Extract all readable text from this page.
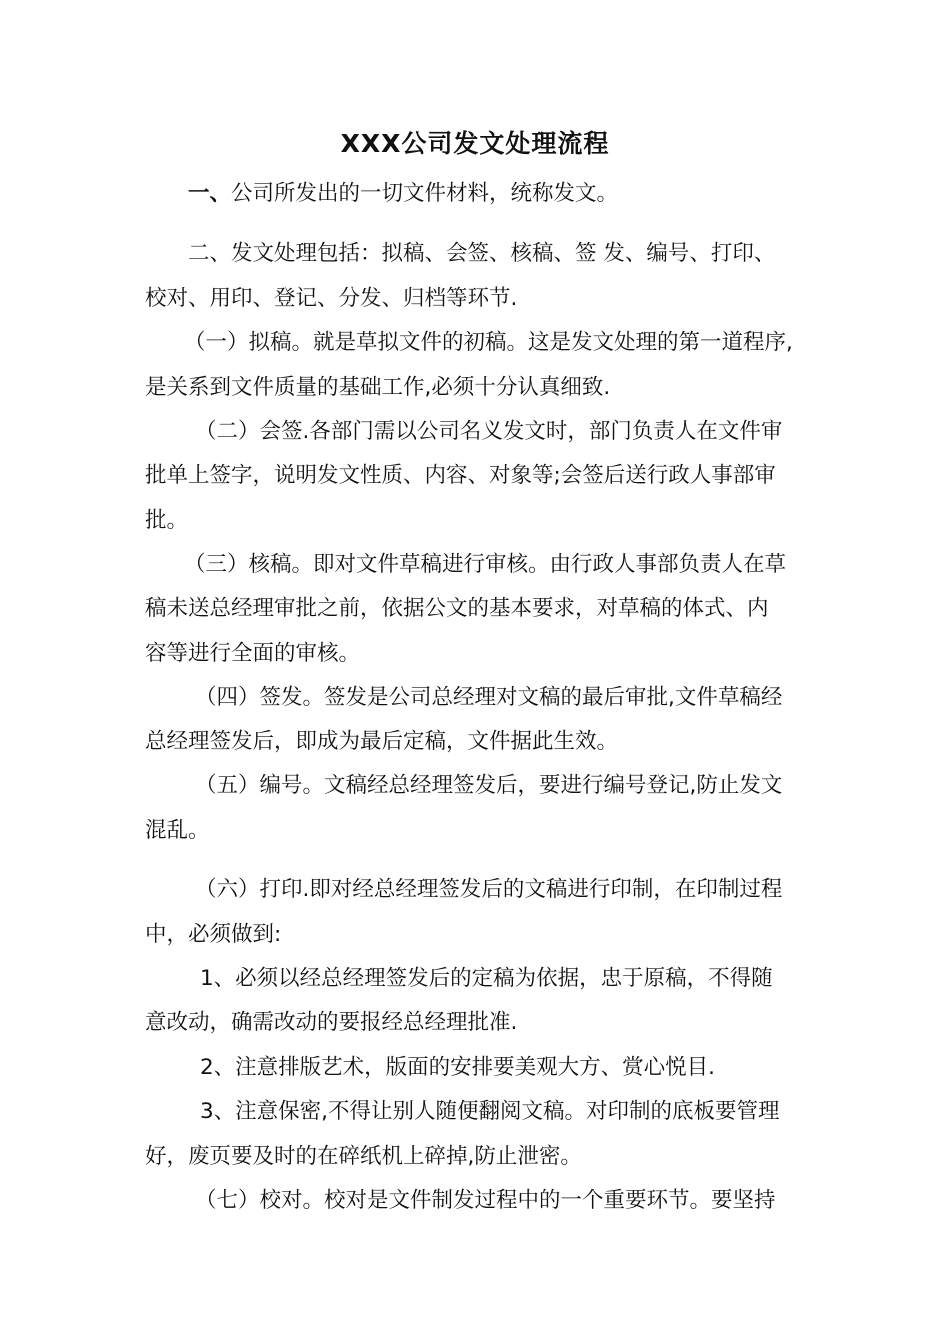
XXX公司发文处理流程
一、公司所发出的一切文件材料，统称发文。
二、发文处理包括：拟稿、会签、核稿、签 发、编号、打印、
校对、用印、登记、分发、归档等环节.
（一）拟稿。就是草拟文件的初稿。这是发文处理的第一道程序,
是关系到文件质量的基础工作,必须十分认真细致.
（二）会签.各部门需以公司名义发文时，部门负责人在文件审
批单上签字，说明发文性质、内容、对象等;会签后送行政人事部审
批。
（三）核稿。即对文件草稿进行审核。由行政人事部负责人在草
稿未送总经理审批之前，依据公文的基本要求，对草稿的体式、内
容等进行全面的审核。
（四）签发。签发是公司总经理对文稿的最后审批,文件草稿经
总经理签发后，即成为最后定稿，文件据此生效。
（五）编号。文稿经总经理签发后，要进行编号登记,防止发文
混乱。
（六）打印.即对经总经理签发后的文稿进行印制，在印制过程
中，必须做到:
1、必须以经总经理签发后的定稿为依据，忠于原稿，不得随
意改动，确需改动的要报经总经理批准.
2、注意排版艺术，版面的安排要美观大方、赏心悦目.
3、注意保密,不得让别人随便翻阅文稿。对印制的底板要管理
好，废页要及时的在碎纸机上碎掉,防止泄密。
（七）校对。校对是文件制发过程中的一个重要环节。要坚持
